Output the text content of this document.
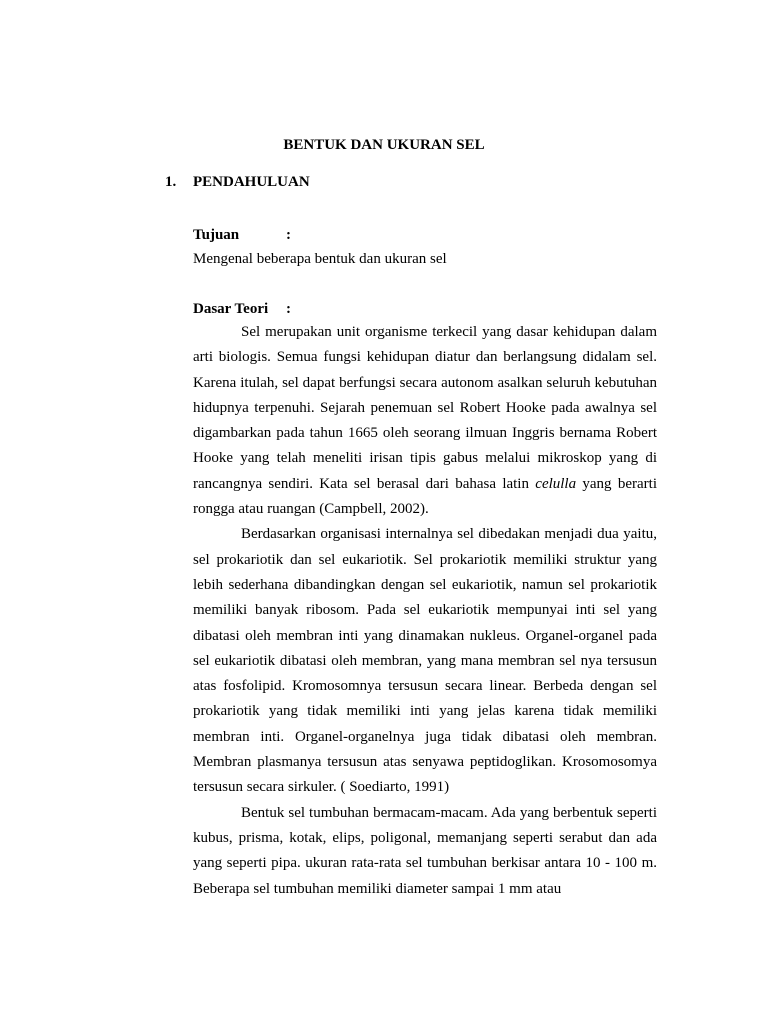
BENTUK DAN UKURAN SEL
1. PENDAHULUAN
Tujuan	:
Mengenal beberapa bentuk dan ukuran sel
Dasar Teori :

Sel merupakan unit organisme terkecil yang dasar kehidupan dalam arti biologis. Semua fungsi kehidupan diatur dan berlangsung didalam sel. Karena itulah, sel dapat berfungsi secara autonom asalkan seluruh kebutuhan hidupnya terpenuhi. Sejarah penemuan sel Robert Hooke pada awalnya sel digambarkan pada tahun 1665 oleh seorang ilmuan Inggris bernama Robert Hooke yang telah meneliti irisan tipis gabus melalui mikroskop yang di rancangnya sendiri. Kata sel berasal dari bahasa latin celulla yang berarti rongga atau ruangan (Campbell, 2002).

Berdasarkan organisasi internalnya sel dibedakan menjadi dua yaitu, sel prokariotik dan sel eukariotik. Sel prokariotik memiliki struktur yang lebih sederhana dibandingkan dengan sel eukariotik, namun sel prokariotik memiliki banyak ribosom. Pada sel eukariotik mempunyai inti sel yang dibatasi oleh membran inti yang dinamakan nukleus. Organel-organel pada sel eukariotik dibatasi oleh membran, yang mana membran sel nya tersusun atas fosfolipid. Kromosomnya tersusun secara linear. Berbeda dengan sel prokariotik yang tidak memiliki inti yang jelas karena tidak memiliki membran inti. Organel-organelnya juga tidak dibatasi oleh membran. Membran plasmanya tersusun atas senyawa peptidoglikan. Krosomosomya tersusun secara sirkuler. ( Soediarto, 1991)

Bentuk sel tumbuhan bermacam-macam. Ada yang berbentuk seperti kubus, prisma, kotak, elips, poligonal, memanjang seperti serabut dan ada yang seperti pipa. ukuran rata-rata sel tumbuhan berkisar antara 10 - 100 m. Beberapa sel tumbuhan memiliki diameter sampai 1 mm atau
